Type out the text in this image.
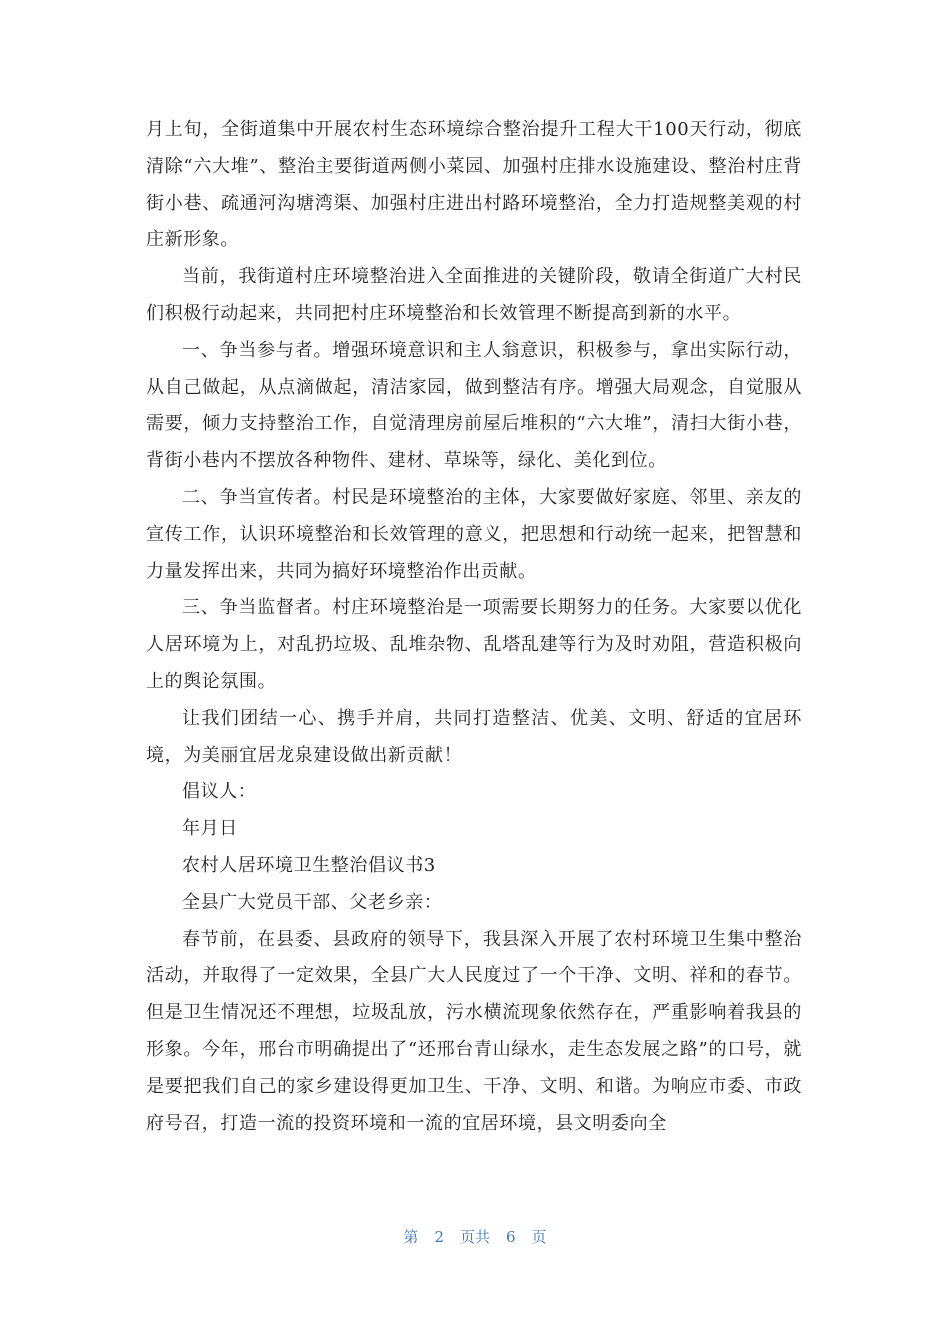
月上旬，全街道集中开展农村生态环境综合整治提升工程大干100天行动，彻底清除“六大堆”、整治主要街道两侧小菜园、加强村庄排水设施建设、整治村庄背街小巷、疏通河沟塘湾渠、加强村庄进出村路环境整治，全力打造规整美观的村庄新形象。

当前，我街道村庄环境整治进入全面推进的关键阶段，敬请全街道广大村民们积极行动起来，共同把村庄环境整治和长效管理不断提高到新的水平。

一、争当参与者。增强环境意识和主人翁意识，积极参与，拿出实际行动，从自己做起，从点滴做起，清洁家园，做到整洁有序。增强大局观念，自觉服从需要，倾力支持整治工作，自觉清理房前屋后堆积的“六大堆”，清扫大街小巷，背街小巷内不摆放各种物件、建材、草垛等，绿化、美化到位。

二、争当宣传者。村民是环境整治的主体，大家要做好家庭、邻里、亲友的宣传工作，认识环境整治和长效管理的意义，把思想和行动统一起来，把智慧和力量发挥出来，共同为搞好环境整治作出贡献。

三、争当监督者。村庄环境整治是一项需要长期努力的任务。大家要以优化人居环境为上，对乱扔垃圾、乱堆杂物、乱塔乱建等行为及时劝阻，营造积极向上的舆论氛围。

让我们团结一心、携手并肩，共同打造整洁、优美、文明、舒适的宜居环境，为美丽宜居龙泉建设做出新贡献！

倡议人：

年月日

农村人居环境卫生整治倡议书3

全县广大党员干部、父老乡亲：

春节前，在县委、县政府的领导下，我县深入开展了农村环境卫生集中整治活动，并取得了一定效果，全县广大人民度过了一个干净、文明、祥和的春节。但是卫生情况还不理想，垃圾乱放，污水横流现象依然存在，严重影响着我县的形象。今年，邢台市明确提出了“还邢台青山绿水，走生态发展之路”的口号，就是要把我们自己的家乡建设得更加卫生、干净、文明、和谐。为响应市委、市政府号召，打造一流的投资环境和一流的宜居环境，县文明委向全

第 2 页共 6 页
